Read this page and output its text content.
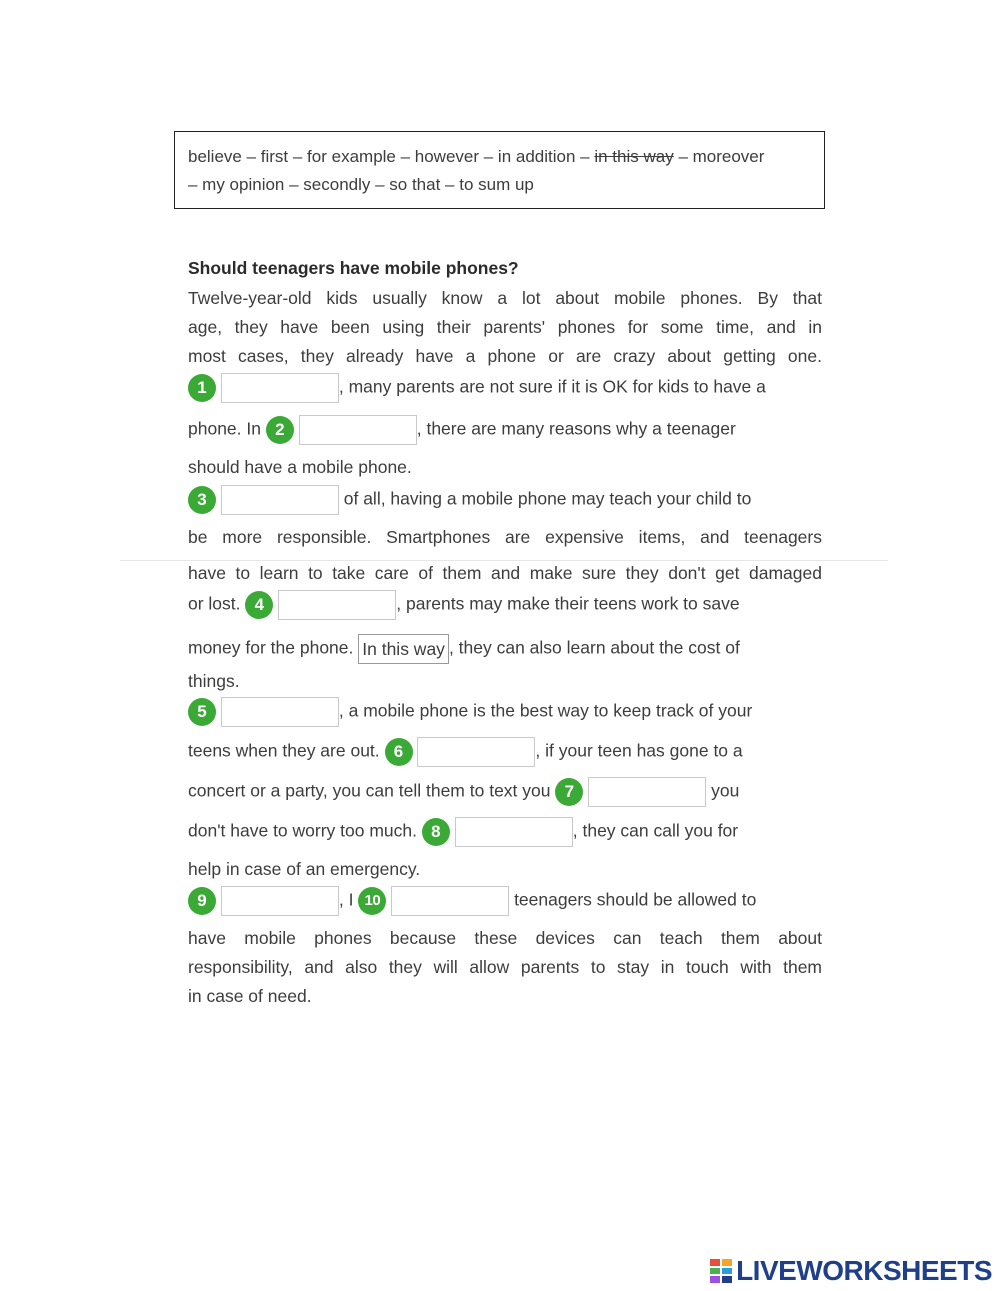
believe – first – for example – however – in addition – in this way – moreover
– my opinion – secondly – so that – to sum up
Should teenagers have mobile phones?
Twelve-year-old kids usually know a lot about mobile phones. By that
age, they have been using their parents' phones for some time, and in
most cases, they already have a phone or are crazy about getting one.
1	, many parents are not sure if it is OK for kids to have a
phone. In 2	, there are many reasons why a teenager
should have a mobile phone.
3	of all, having a mobile phone may teach your child to
be more responsible. Smartphones are expensive items, and teenagers
have to learn to take care of them and make sure they don't get damaged
or lost. 4	, parents may make their teens work to save
money for the phone. In this way , they can also learn about the cost of
things.
5	, a mobile phone is the best way to keep track of your
teens when they are out. 6	, if your teen has gone to a
concert or a party, you can tell them to text you 7	you
don't have to worry too much. 8	, they can call you for
help in case of an emergency.
9	, I 10	teenagers should be allowed to
have mobile phones because these devices can teach them about
responsibility, and also they will allow parents to stay in touch with them
in case of need.
LIVEWORKSHEETS
